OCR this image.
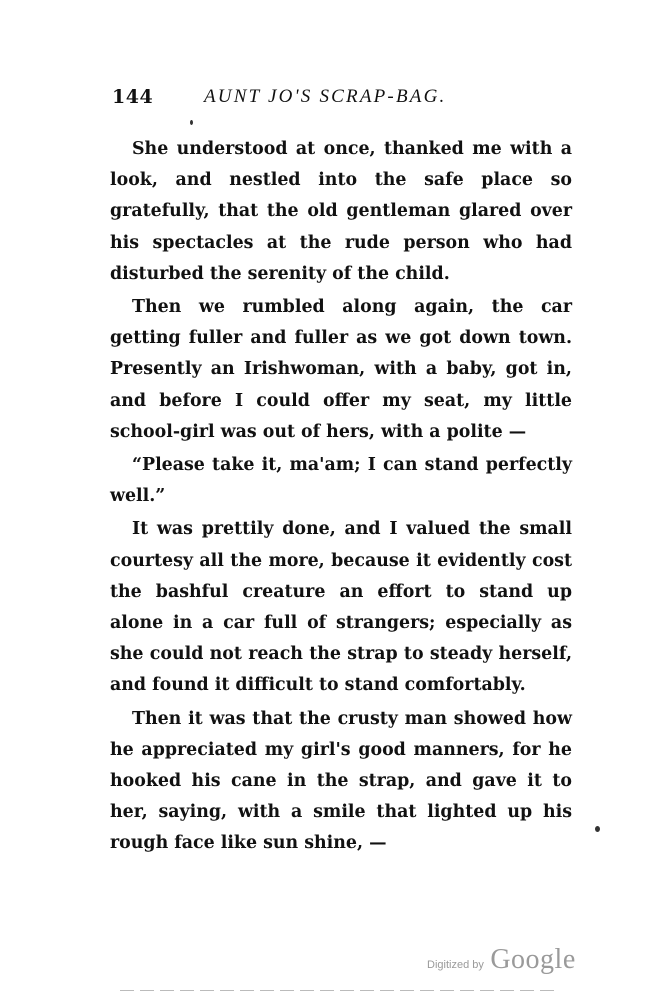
144	AUNT JO'S SCRAP-BAG.

She understood at once, thanked me with a look, and nestled into the safe place so gratefully, that the old gentleman glared over his spectacles at the rude person who had disturbed the serenity of the child.

Then we rumbled along again, the car getting fuller and fuller as we got down town. Presently an Irishwoman, with a baby, got in, and before I could offer my seat, my little school-girl was out of hers, with a polite —

“Please take it, ma'am; I can stand perfectly well.”

It was prettily done, and I valued the small courtesy all the more, because it evidently cost the bashful creature an effort to stand up alone in a car full of strangers; especially as she could not reach the strap to steady herself, and found it difficult to stand comfortably.

Then it was that the crusty man showed how he appreciated my girl's good manners, for he hooked his cane in the strap, and gave it to her, saying, with a smile that lighted up his rough face like sun shine, —

Digitized by Google
